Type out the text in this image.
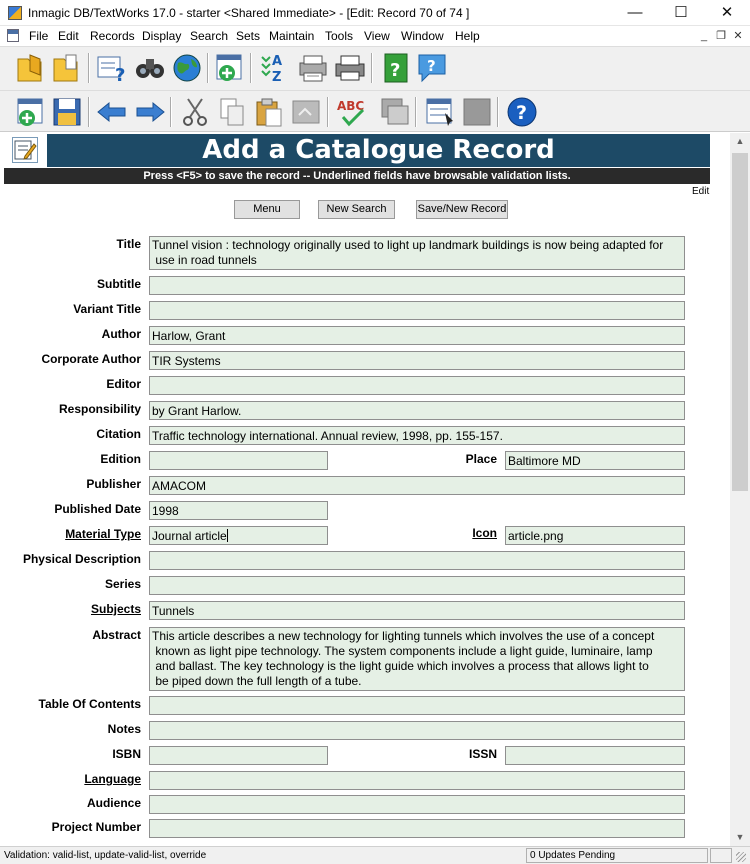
Inmagic DB/TextWorks 17.0 - starter <Shared Immediate> - [Edit: Record 70 of 74 ]	—	☐	✕
File Edit Records Display Search Sets Maintain Tools View Window Help	_ ❐ ✕
?
A
Z	? ?
ABC	?
Add a Catalogue Record
Press <F5> to save the record -- Underlined fields have browsable validation lists.
Edit
Menu	New Search	Save/New Record
Title Tunnel vision : technology originally used to light up landmark buildings is now being adapted for
use in road tunnels
Subtitle
Variant Title
Author Harlow, Grant
Corporate Author TIR Systems
Editor
Responsibility by Grant Harlow.
Citation Traffic technology international. Annual review, 1998, pp. 155-157.
Edition	Place Baltimore MD
Publisher AMACOM
Published Date 1998
Material Type Journal article	Icon article.png
Physical Description
Series
Subjects Tunnels
Abstract This article describes a new technology for lighting tunnels which involves the use of a concept
known as light pipe technology. The system components include a light guide, luminaire, lamp
and ballast. The key technology is the light guide which involves a process that allows light to
be piped down the full length of a tube.
Table Of Contents
Notes
ISBN	ISSN
Language
Audience
Project Number
▲
▼
Validation: valid-list, update-valid-list, override	0 Updates Pending
